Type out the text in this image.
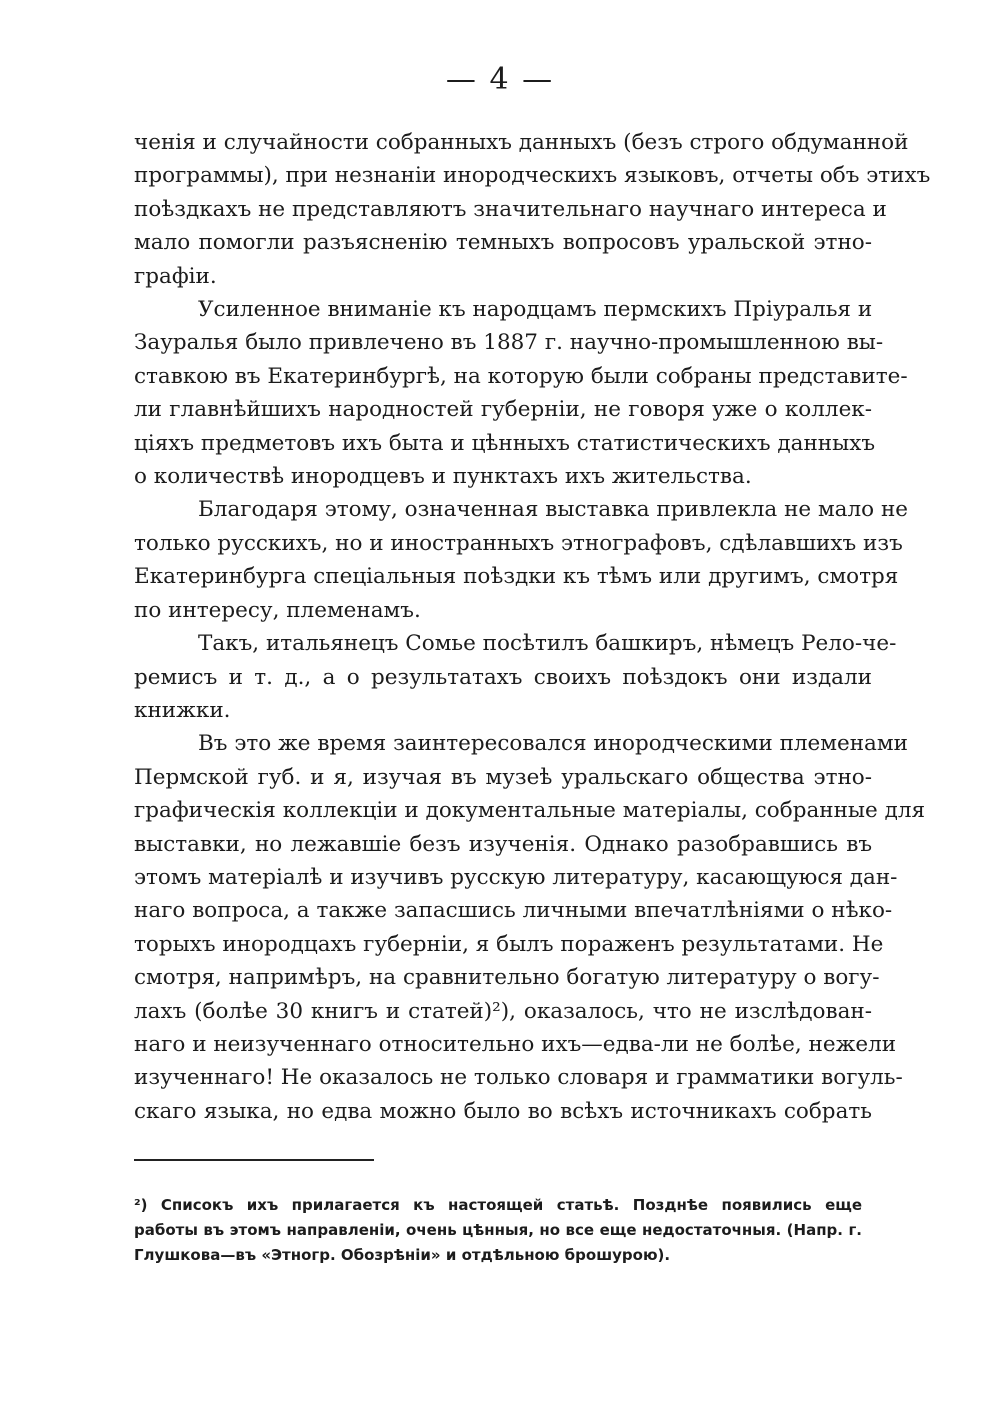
— 4 —
ченія и случайности собранныхъ данныхъ (безъ строго обдуманной
программы), при незнаніи инородческихъ языковъ, отчеты объ этихъ
поѣздкахъ не представляютъ значительнаго научнаго интереса и
мало помогли разъясненію темныхъ вопросовъ уральской этно-
графіи.
Усиленное вниманіе къ народцамъ пермскихъ Пріуралья и
Зауралья было привлечено въ 1887 г. научно-промышленною вы-
ставкою въ Екатеринбургѣ, на которую были собраны представите-
ли главнѣйшихъ народностей губерніи, не говоря уже о коллек-
ціяхъ предметовъ ихъ быта и цѣнныхъ статистическихъ данныхъ
о количествѣ инородцевъ и пунктахъ ихъ жительства.
Благодаря этому, означенная выставка привлекла не мало не
только русскихъ, но и иностранныхъ этнографовъ, сдѣлавшихъ изъ
Екатеринбурга спеціальныя поѣздки къ тѣмъ или другимъ, смотря
по интересу, племенамъ.
Такъ, итальянецъ Сомье посѣтилъ башкиръ, нѣмецъ Рело-че-
ремисъ и т. д., а о результатахъ своихъ поѣздокъ они издали
книжки.
Въ это же время заинтересовался инородческими племенами
Пермской губ. и я, изучая въ музеѣ уральскаго общества этно-
графическія коллекціи и документальные матеріалы, собранные для
выставки, но лежавшіе безъ изученія. Однако разобравшись въ
этомъ матеріалѣ и изучивъ русскую литературу, касающуюся дан-
наго вопроса, а также запасшись личными впечатлѣніями о нѣко-
торыхъ инородцахъ губерніи, я былъ пораженъ результатами. Не
смотря, напримѣръ, на сравнительно богатую литературу о вогу-
лахъ (болѣе 30 книгъ и статей)²), оказалось, что не изслѣдован-
наго и неизученнаго относительно ихъ—едва-ли не болѣе, нежели
изученнаго! Не оказалось не только словаря и грамматики вогуль-
скаго языка, но едва можно было во всѣхъ источникахъ собрать
²) Списокъ ихъ прилагается къ настоящей статьѣ. Позднѣе появились еще
работы въ этомъ направленіи, очень цѣнныя, но все еще недостаточныя. (Напр. г.
Глушкова—въ «Этногр. Обозрѣніи» и отдѣльною брошурою).
